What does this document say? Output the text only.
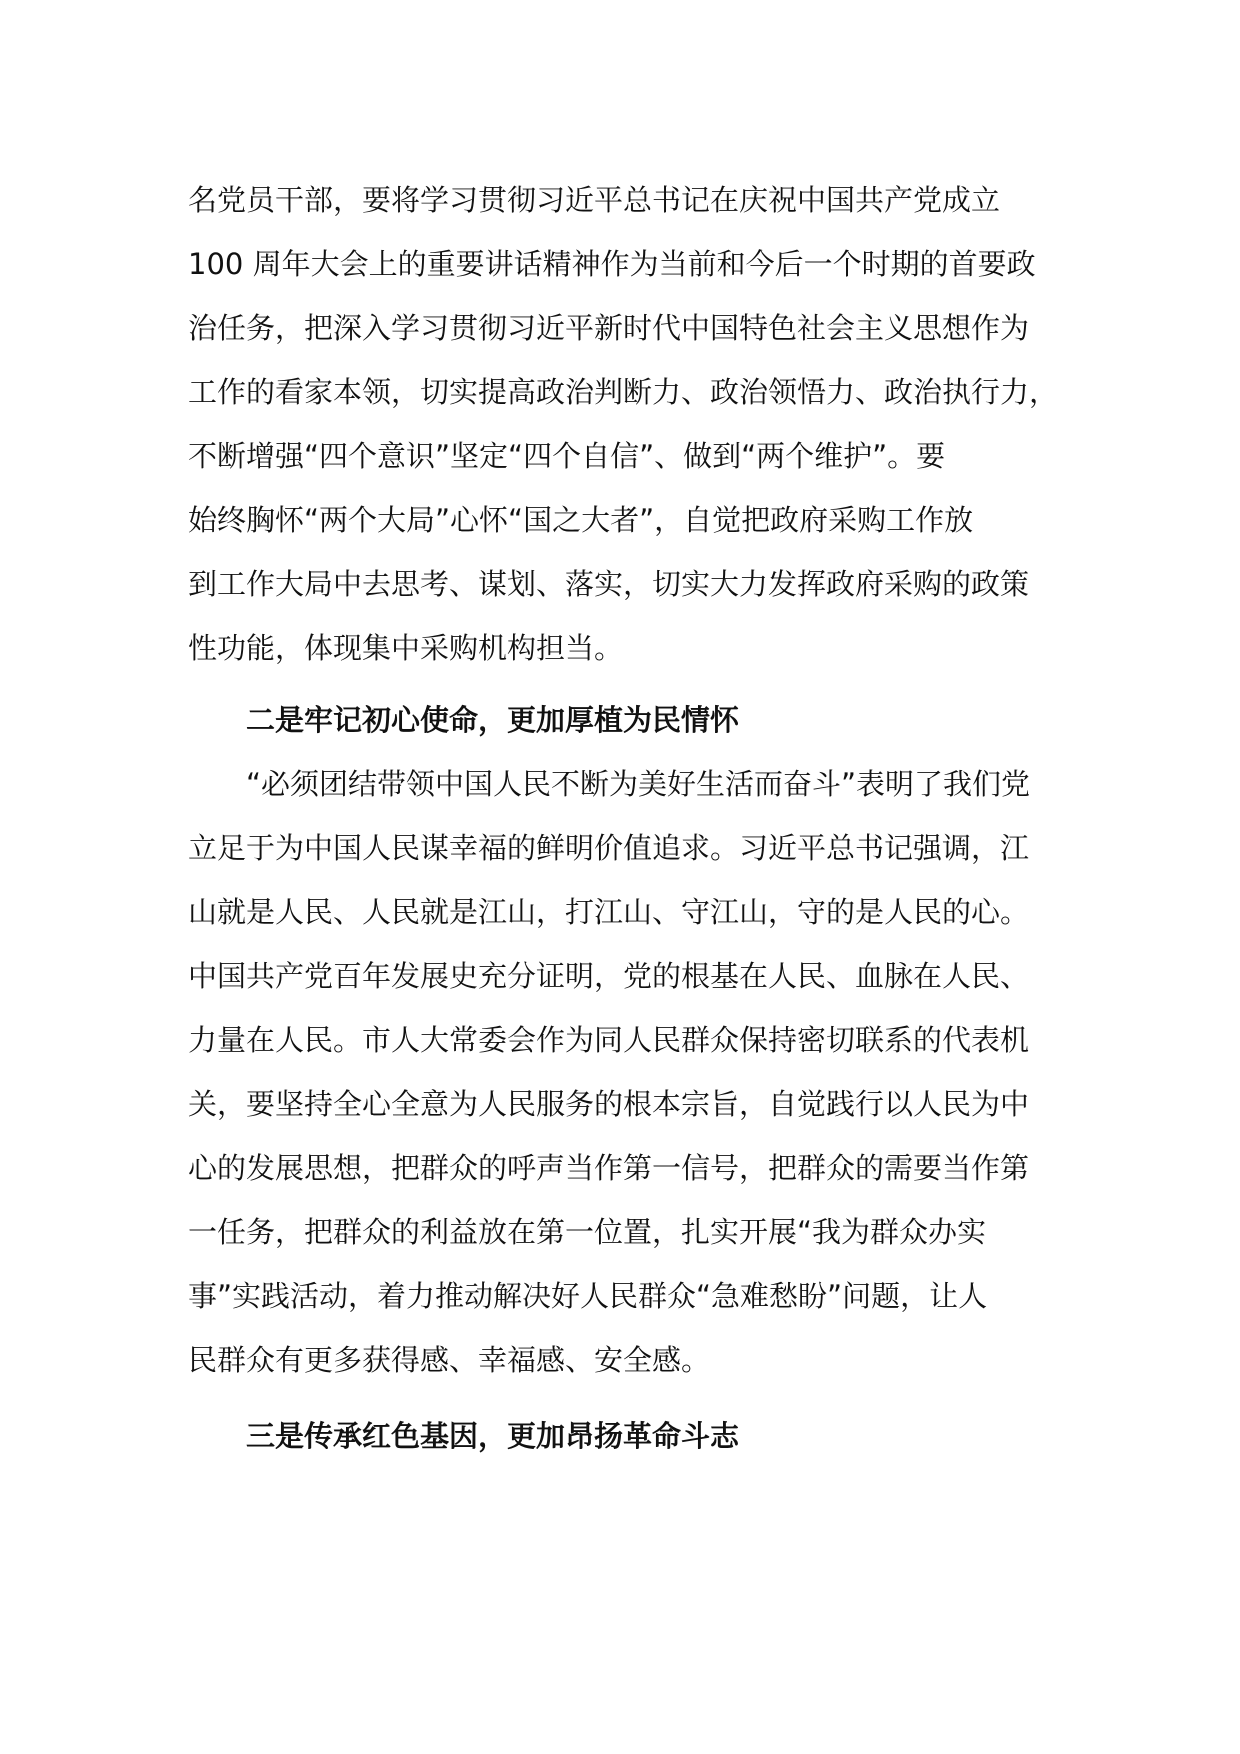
名党员干部，要将学习贯彻习近平总书记在庆祝中国共产党成立
100 周年大会上的重要讲话精神作为当前和今后一个时期的首要政
治任务，把深入学习贯彻习近平新时代中国特色社会主义思想作为
工作的看家本领，切实提高政治判断力、政治领悟力、政治执行力，
不断增强“四个意识”坚定“四个自信”、做到“两个维护”。要
始终胸怀“两个大局”心怀“国之大者”，自觉把政府采购工作放
到工作大局中去思考、谋划、落实，切实大力发挥政府采购的政策
性功能，体现集中采购机构担当。
二是牢记初心使命，更加厚植为民情怀
“必须团结带领中国人民不断为美好生活而奋斗”表明了我们党
立足于为中国人民谋幸福的鲜明价值追求。习近平总书记强调，江
山就是人民、人民就是江山，打江山、守江山，守的是人民的心。
中国共产党百年发展史充分证明，党的根基在人民、血脉在人民、
力量在人民。市人大常委会作为同人民群众保持密切联系的代表机
关，要坚持全心全意为人民服务的根本宗旨，自觉践行以人民为中
心的发展思想，把群众的呼声当作第一信号，把群众的需要当作第
一任务，把群众的利益放在第一位置，扎实开展“我为群众办实
事”实践活动，着力推动解决好人民群众“急难愁盼”问题，让人
民群众有更多获得感、幸福感、安全感。
三是传承红色基因，更加昂扬革命斗志
